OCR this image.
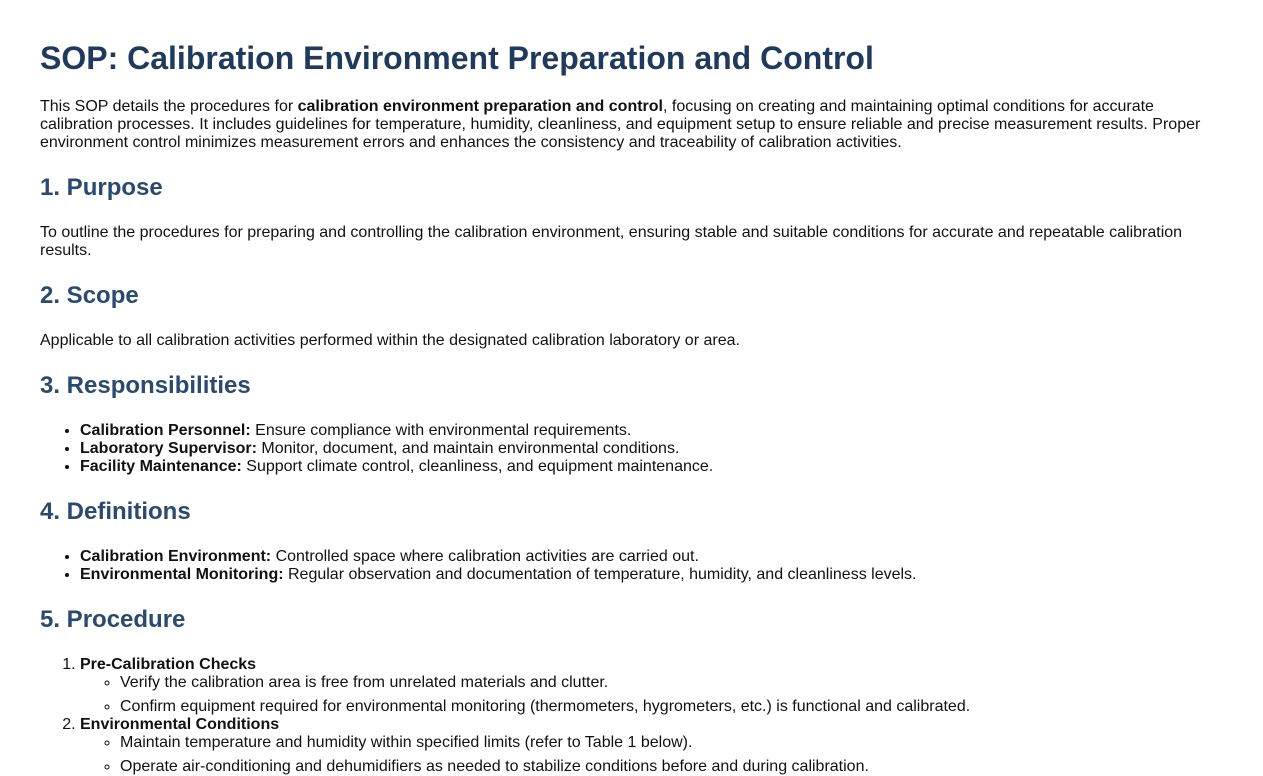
SOP: Calibration Environment Preparation and Control

This SOP details the procedures for calibration environment preparation and control, focusing on creating and maintaining optimal conditions for accurate calibration processes. It includes guidelines for temperature, humidity, cleanliness, and equipment setup to ensure reliable and precise measurement results. Proper environment control minimizes measurement errors and enhances the consistency and traceability of calibration activities.

1. Purpose

To outline the procedures for preparing and controlling the calibration environment, ensuring stable and suitable conditions for accurate and repeatable calibration results.

2. Scope

Applicable to all calibration activities performed within the designated calibration laboratory or area.

3. Responsibilities
• Calibration Personnel: Ensure compliance with environmental requirements.
• Laboratory Supervisor: Monitor, document, and maintain environmental conditions.
• Facility Maintenance: Support climate control, cleanliness, and equipment maintenance.
4. Definitions
• Calibration Environment: Controlled space where calibration activities are carried out.
• Environmental Monitoring: Regular observation and documentation of temperature, humidity, and cleanliness levels.
5. Procedure
1. Pre-Calibration Checks
◦ Verify the calibration area is free from unrelated materials and clutter.
◦ Confirm equipment required for environmental monitoring (thermometers, hygrometers, etc.) is functional and calibrated.
2. Environmental Conditions
◦ Maintain temperature and humidity within specified limits (refer to Table 1 below).
◦ Operate air-conditioning and dehumidifiers as needed to stabilize conditions before and during calibration.
